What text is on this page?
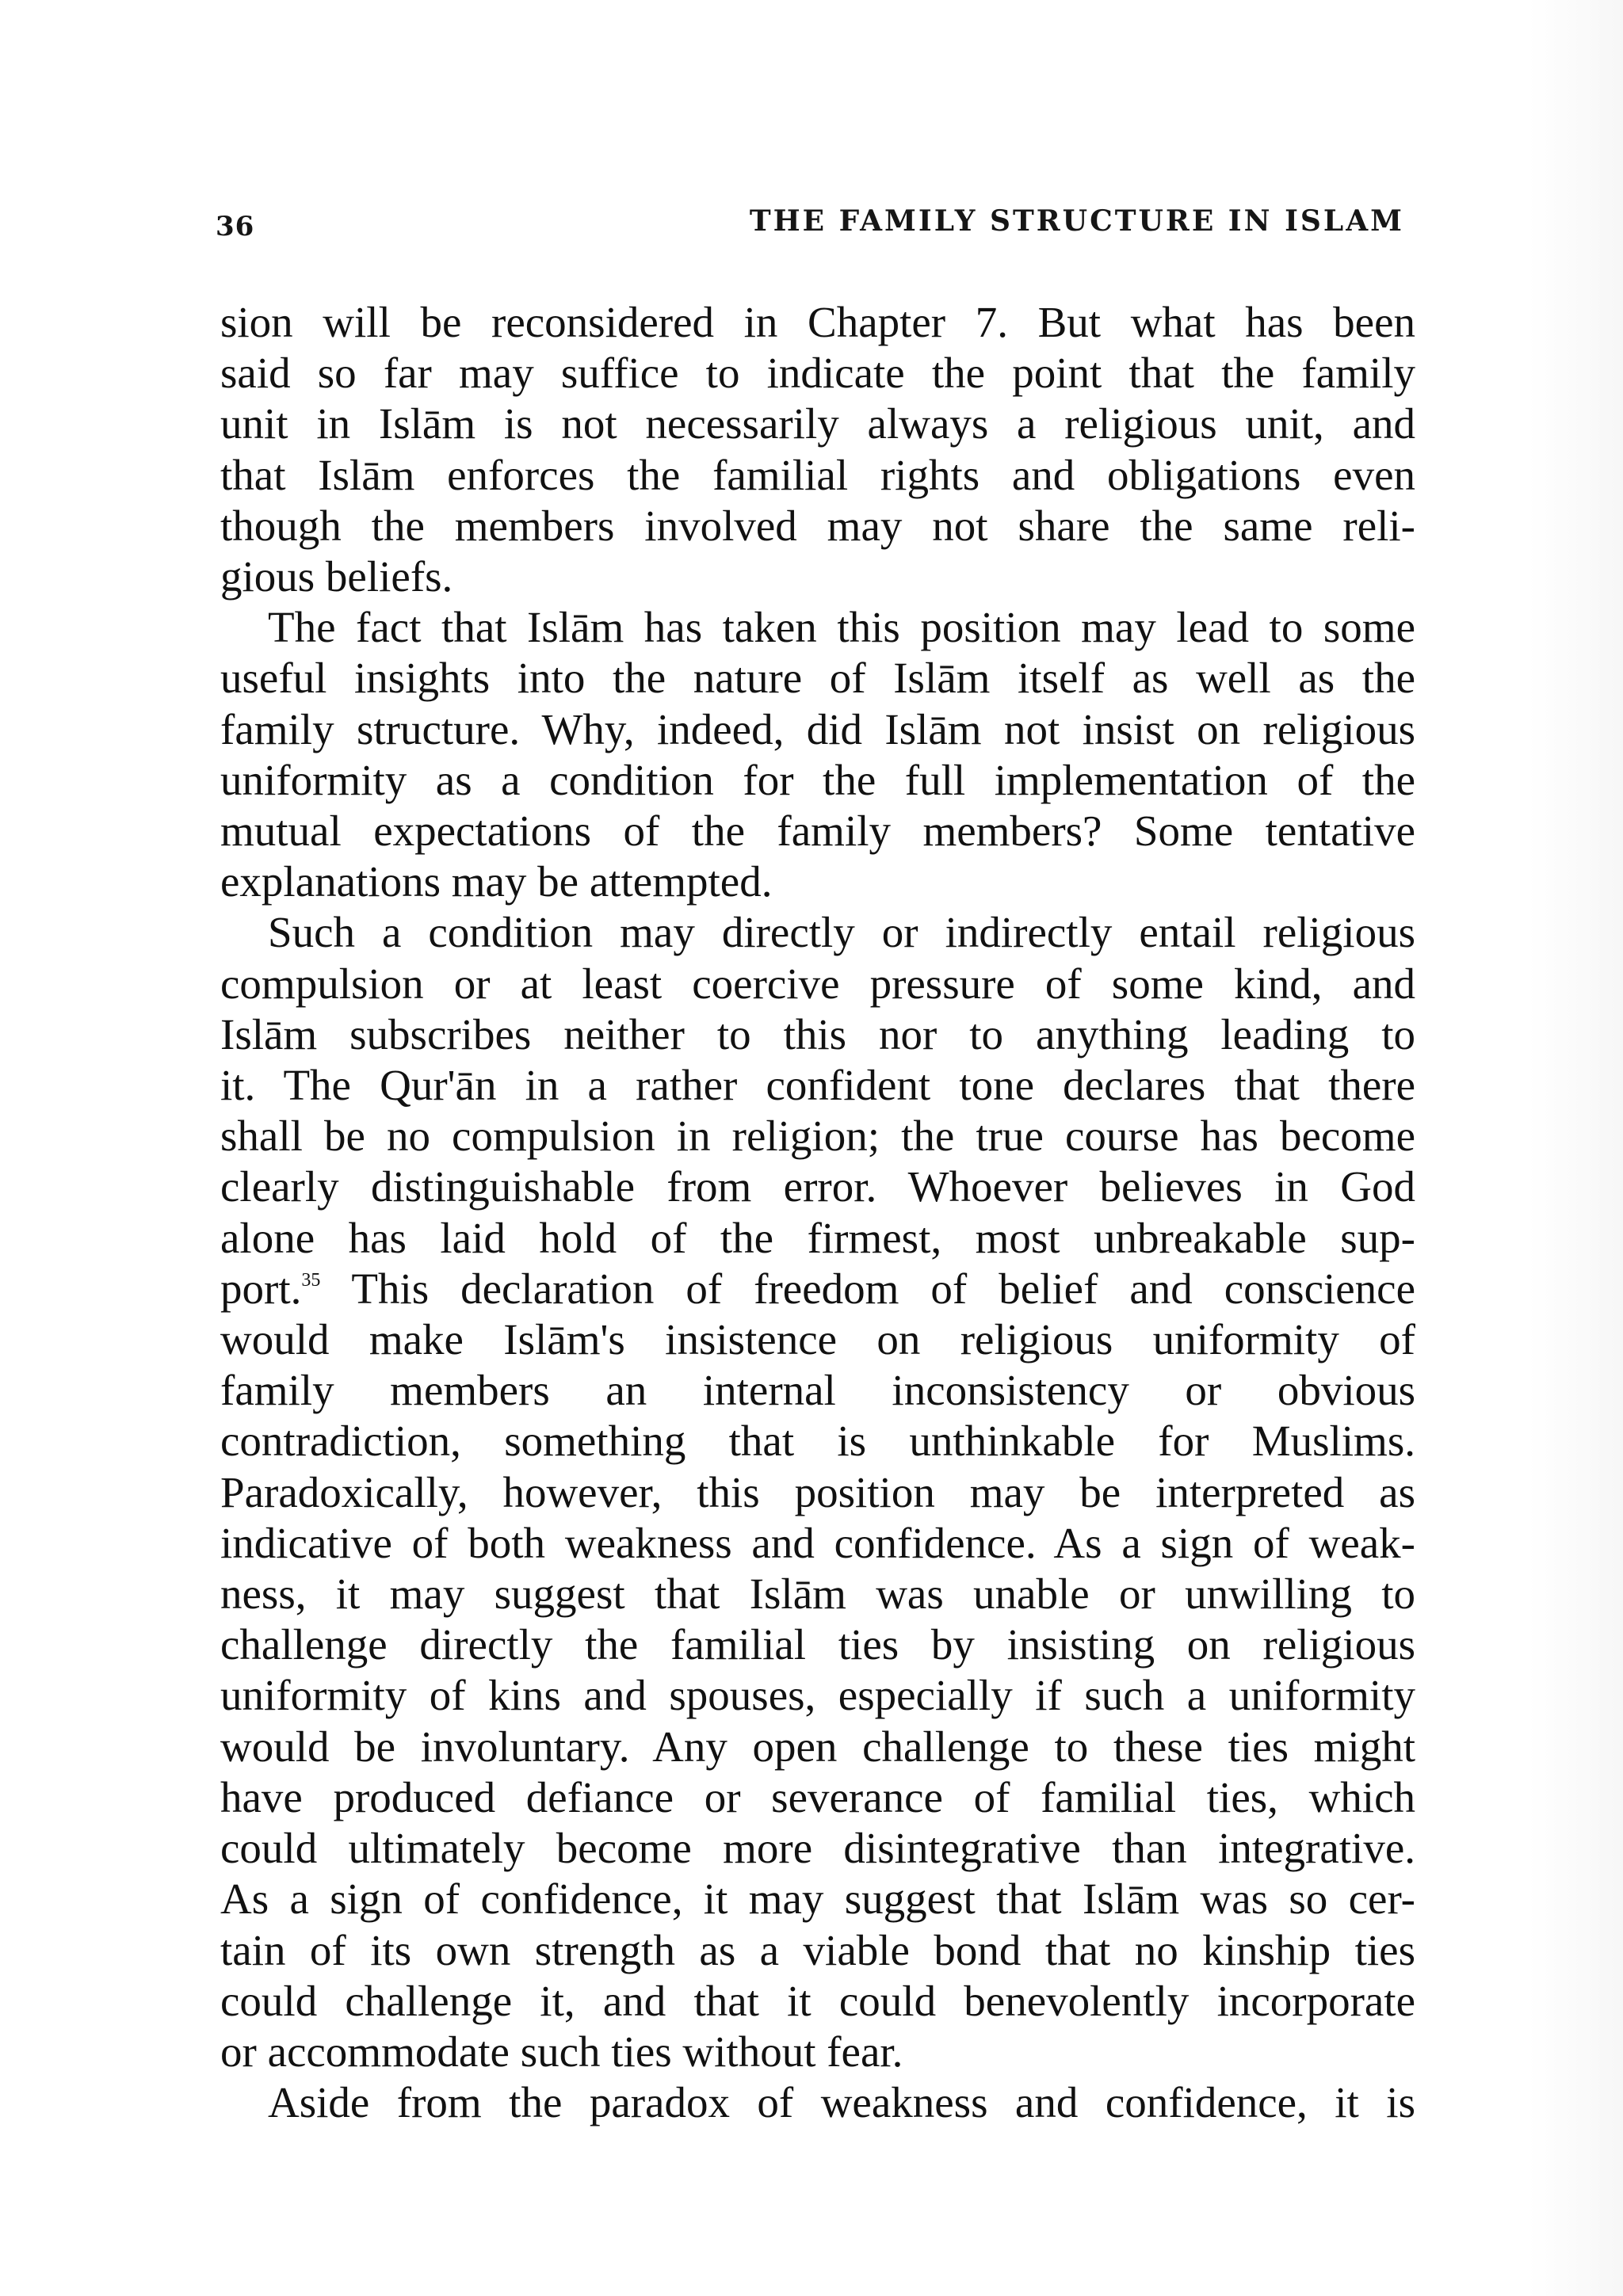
36	THE FAMILY STRUCTURE IN ISLAM
sion will be reconsidered in Chapter 7. But what has been
said so far may suffice to indicate the point that the family
unit in Islām is not necessarily always a religious unit, and
that Islām enforces the familial rights and obligations even
though the members involved may not share the same reli-
gious beliefs.
The fact that Islām has taken this position may lead to some
useful insights into the nature of Islām itself as well as the
family structure. Why, indeed, did Islām not insist on religious
uniformity as a condition for the full implementation of the
mutual expectations of the family members? Some tentative
explanations may be attempted.
Such a condition may directly or indirectly entail religious
compulsion or at least coercive pressure of some kind, and
Islām subscribes neither to this nor to anything leading to
it. The Qur'ān in a rather confident tone declares that there
shall be no compulsion in religion; the true course has become
clearly distinguishable from error. Whoever believes in God
alone has laid hold of the firmest, most unbreakable sup-
port.$^{35}$ This declaration of freedom of belief and conscience
would make Islām's insistence on religious uniformity of
family members an internal inconsistency or obvious
contradiction, something that is unthinkable for Muslims.
Paradoxically, however, this position may be interpreted as
indicative of both weakness and confidence. As a sign of weak-
ness, it may suggest that Islām was unable or unwilling to
challenge directly the familial ties by insisting on religious
uniformity of kins and spouses, especially if such a uniformity
would be involuntary. Any open challenge to these ties might
have produced defiance or severance of familial ties, which
could ultimately become more disintegrative than integrative.
As a sign of confidence, it may suggest that Islām was so cer-
tain of its own strength as a viable bond that no kinship ties
could challenge it, and that it could benevolently incorporate
or accommodate such ties without fear.
Aside from the paradox of weakness and confidence, it is
